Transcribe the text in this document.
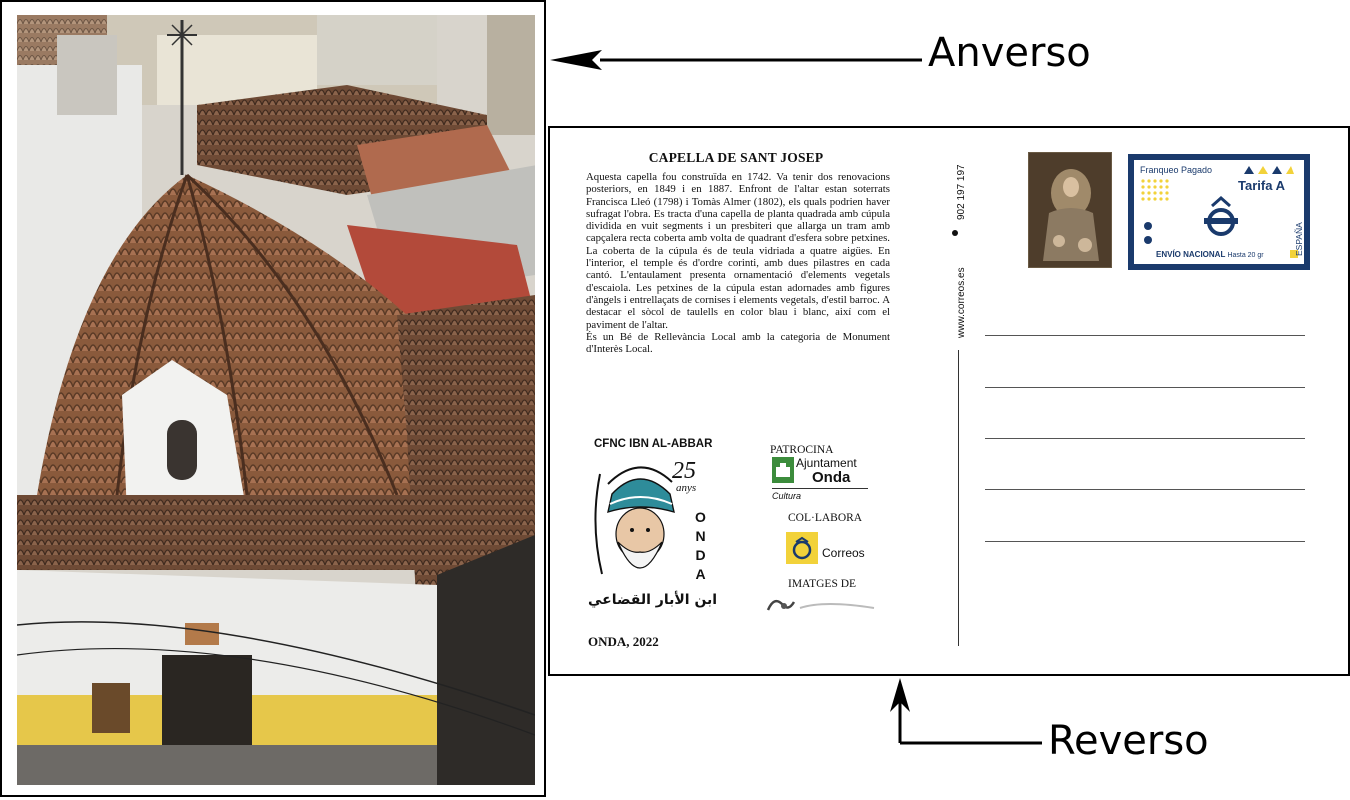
CAPELLA DE SANT JOSEP

Aquesta capella fou construïda en 1742. Va tenir dos renovacions posteriors, en 1849 i en 1887. Enfront de l'altar estan soterrats Francisca Lleó (1798) i Tomàs Almer (1802), els quals podrien haver sufragat l'obra. Es tracta d'una capella de planta quadrada amb cúpula dividida en vuit segments i un presbiteri que allarga un tram amb capçalera recta coberta amb volta de quadrant d'esfera sobre petxines. La coberta de la cúpula és de teula vidriada a quatre aigües. En l'interior, el temple és d'ordre corinti, amb dues pilastres en cada cantó. L'entaulament presenta ornamentació d'elements vegetals d'escaiola. Les petxines de la cúpula estan adornades amb figures d'àngels i entrellaçats de cornises i elements vegetals, d'estil barroc. A destacar el sòcol de taulells en color blau i blanc, així com el paviment de l'altar.

És un Bé de Rellevància Local amb la categoria de Monument d'Interès Local.

CFNC IBN AL-ABBAR
25
anys
ONDA
ابن الأبار القضاعي
ONDA, 2022
PATROCINA
Ajuntament
Onda
Cultura
COL·LABORA
Correos
IMATGES DE
902 197 197
www.correos.es
Franqueo Pagado
Tarifa A
ENVÍO NACIONAL Hasta 20 gr	ESPAÑA
Anverso
Reverso
